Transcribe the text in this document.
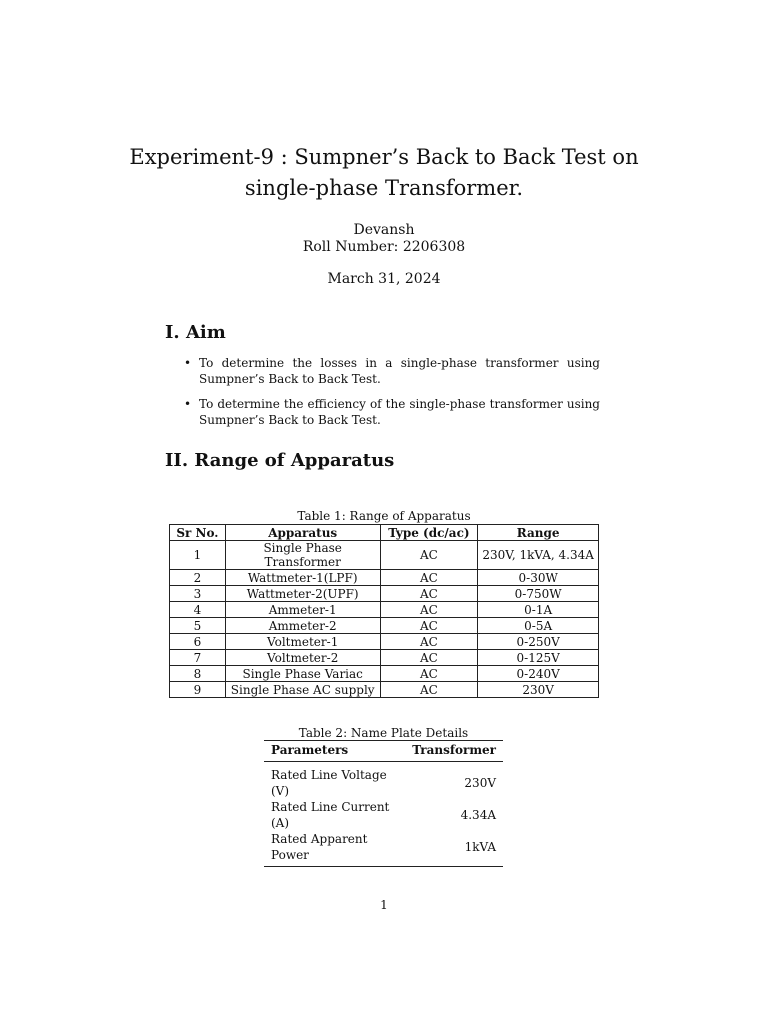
Experiment-9 : Sumpner’s Back to Back Test on
single-phase Transformer.
Devansh
Roll Number: 2206308
March 31, 2024
I. Aim
• To determine the losses in a single-phase transformer using Sumpner’s Back to Back Test.
• To determine the efficiency of the single-phase transformer using Sumpner’s Back to Back Test.
II. Range of Apparatus
Table 1: Range of Apparatus
Sr No.	Apparatus	Type (dc/ac)	Range
1	Single Phase Transformer	AC	230V, 1kVA, 4.34A
2	Wattmeter-1(LPF)	AC	0-30W
3	Wattmeter-2(UPF)	AC	0-750W
4	Ammeter-1	AC	0-1A
5	Ammeter-2	AC	0-5A
6	Voltmeter-1	AC	0-250V
7	Voltmeter-2	AC	0-125V
8	Single Phase Variac	AC	0-240V
9	Single Phase AC supply	AC	230V
Table 2: Name Plate Details
Parameters	Transformer
Rated Line Voltage (V)	230V
Rated Line Current (A)	4.34A
Rated Apparent Power	1kVA
1
